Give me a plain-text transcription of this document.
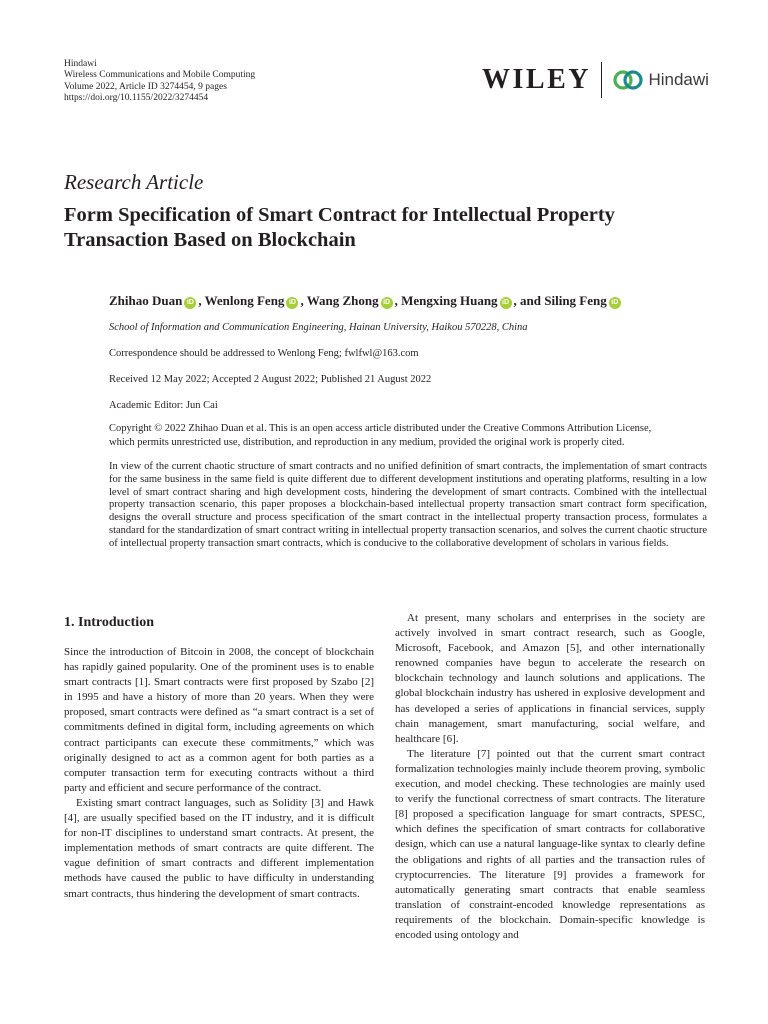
Hindawi
Wireless Communications and Mobile Computing
Volume 2022, Article ID 3274454, 9 pages
https://doi.org/10.1155/2022/3274454
WILEY	Hindawi
Research Article
Form Specification of Smart Contract for Intellectual Property Transaction Based on Blockchain
Zhihao Duan iD , Wenlong Feng iD , Wang Zhong iD , Mengxing Huang iD , and Siling Feng iD
School of Information and Communication Engineering, Hainan University, Haikou 570228, China
Correspondence should be addressed to Wenlong Feng; fwlfwl@163.com
Received 12 May 2022; Accepted 2 August 2022; Published 21 August 2022
Academic Editor: Jun Cai
Copyright © 2022 Zhihao Duan et al. This is an open access article distributed under the Creative Commons Attribution License,
which permits unrestricted use, distribution, and reproduction in any medium, provided the original work is properly cited.
In view of the current chaotic structure of smart contracts and no unified definition of smart contracts, the implementation of smart contracts for the same business in the same field is quite different due to different development institutions and operating platforms, resulting in a low level of smart contract sharing and high development costs, hindering the development of smart contracts. Combined with the intellectual property transaction scenario, this paper proposes a blockchain-based intellectual property transaction smart contract form specification, designs the overall structure and process specification of the smart contract in the intellectual property transaction process, formulates a standard for the standardization of smart contract writing in intellectual property transaction scenarios, and solves the current chaotic structure of intellectual property transaction smart contracts, which is conducive to the collaborative development of scholars in various fields.
1. Introduction

Since the introduction of Bitcoin in 2008, the concept of blockchain has rapidly gained popularity. One of the prominent uses is to enable smart contracts [1]. Smart contracts were first proposed by Szabo [2] in 1995 and have a history of more than 20 years. When they were proposed, smart contracts were defined as “a smart contract is a set of commitments defined in digital form, including agreements on which contract participants can execute these commitments,” which was originally designed to act as a common agent for both parties as a computer transaction term for executing contracts without a third party and efficient and secure performance of the contract.

Existing smart contract languages, such as Solidity [3] and Hawk [4], are usually specified based on the IT industry, and it is difficult for non-IT disciplines to understand smart contracts. At present, the implementation methods of smart contracts are quite different. The vague definition of smart contracts and different implementation methods have caused the public to have difficulty in understanding smart contracts, thus hindering the development of smart contracts.

At present, many scholars and enterprises in the society are actively involved in smart contract research, such as Google, Microsoft, Facebook, and Amazon [5], and other internationally renowned companies have begun to accelerate the research on blockchain technology and launch solutions and applications. The global blockchain industry has ushered in explosive development and has developed a series of applications in financial services, supply chain management, smart manufacturing, social welfare, and healthcare [6].

The literature [7] pointed out that the current smart contract formalization technologies mainly include theorem proving, symbolic execution, and model checking. These technologies are mainly used to verify the functional correctness of smart contracts. The literature [8] proposed a specification language for smart contracts, SPESC, which defines the specification of smart contracts for collaborative design, which can use a natural language-like syntax to clearly define the obligations and rights of all parties and the transaction rules of cryptocurrencies. The literature [9] provides a framework for automatically generating smart contracts that enable seamless translation of constraint-encoded knowledge representations as requirements of the blockchain. Domain-specific knowledge is encoded using ontology and
